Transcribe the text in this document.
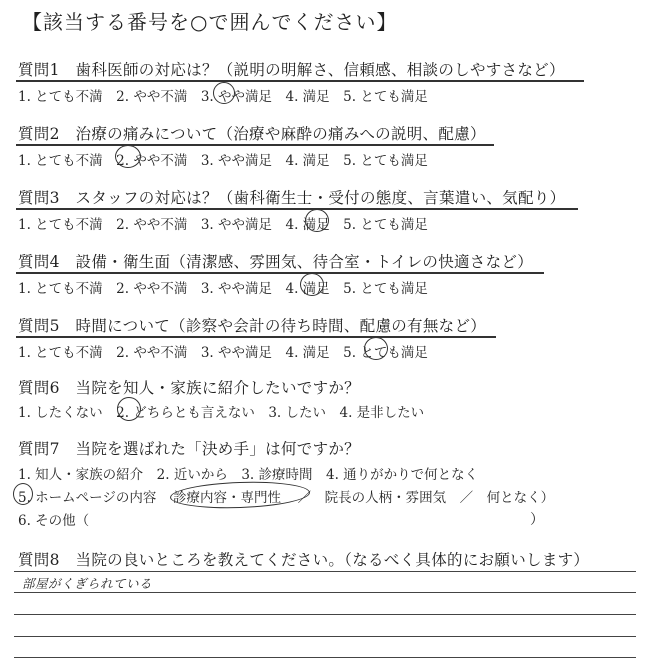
【該当する番号を○で囲んでください】
質問1　歯科医師の対応は？（説明の明解さ、信頼感、相談のしやすさなど）
1. とても不満　2. やや不満　3. やや満足　4. 満足　5. とても満足
質問2　治療の痛みについて（治療や麻酔の痛みへの説明、配慮）
1. とても不満　2. やや不満　3. やや満足　4. 満足　5. とても満足
質問3　スタッフの対応は？（歯科衛生士・受付の態度、言葉遣い、気配り）
1. とても不満　2. やや不満　3. やや満足　4. 満足　5. とても満足
質問4　設備・衛生面（清潔感、雰囲気、待合室・トイレの快適さなど）
1. とても不満　2. やや不満　3. やや満足　4. 満足　5. とても満足
質問5　時間について（診察や会計の待ち時間、配慮の有無など）
1. とても不満　2. やや不満　3. やや満足　4. 満足　5. とても満足
質問6　当院を知人・家族に紹介したいですか？
1. したくない　2. どちらとも言えない　3. したい　4. 是非したい
質問7　当院を選ばれた「決め手」は何ですか？
1. 知人・家族の紹介　2. 近いから　3. 診療時間　4. 通りがかりで何となく
5. ホームページの内容 診療内容・専門性 ／　院長の人柄・雰囲気　／　何となく）
6. その他（	）
質問8　当院の良いところを教えてください。（なるべく具体的にお願いします）
部屋がくぎられている
